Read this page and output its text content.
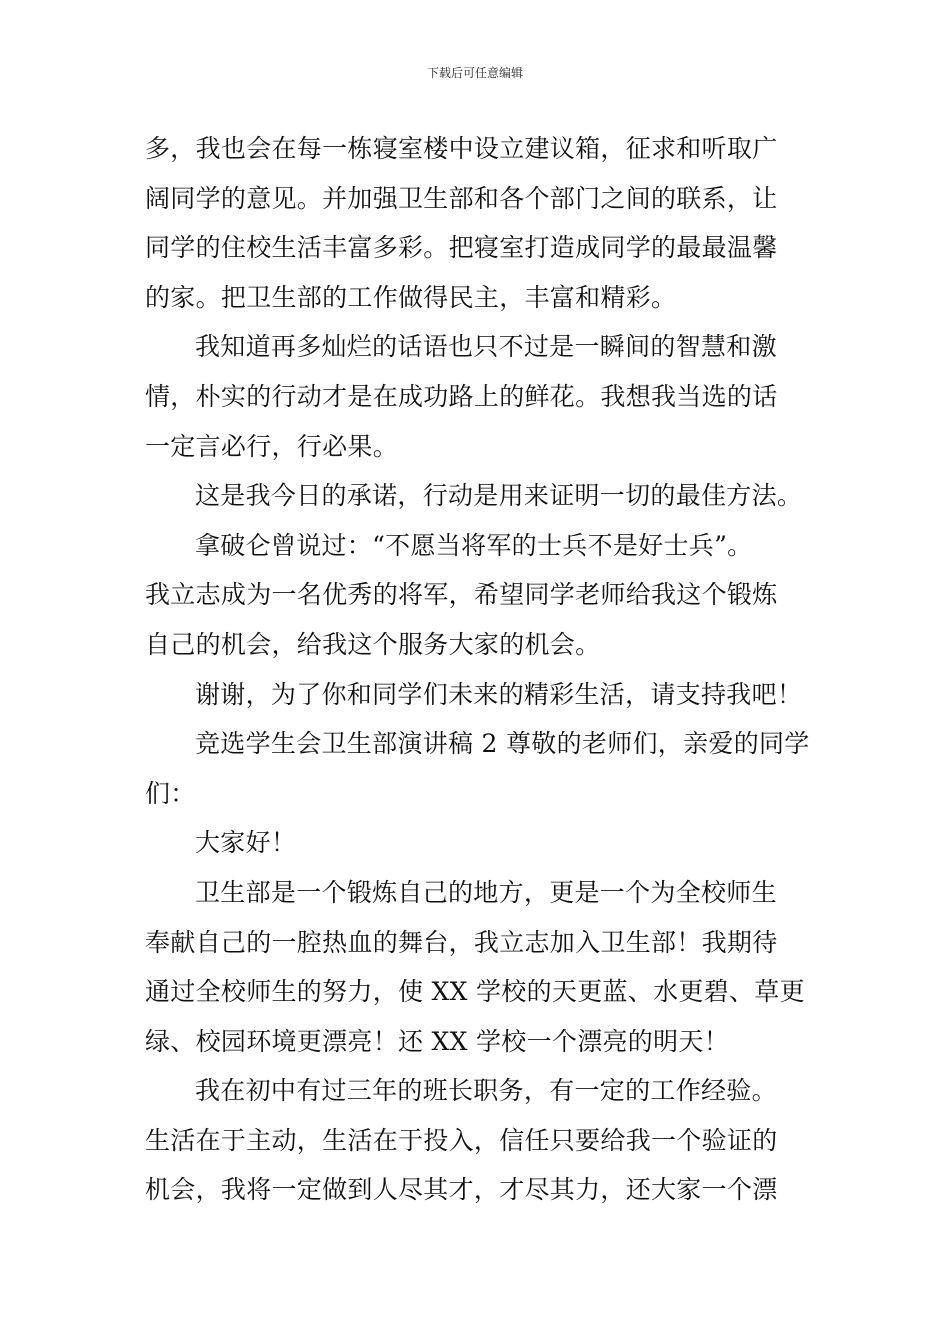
下载后可任意编辑
多，我也会在每一栋寝室楼中设立建议箱，征求和听取广
阔同学的意见。并加强卫生部和各个部门之间的联系，让
同学的住校生活丰富多彩。把寝室打造成同学的最最温馨
的家。把卫生部的工作做得民主，丰富和精彩。
我知道再多灿烂的话语也只不过是一瞬间的智慧和激
情，朴实的行动才是在成功路上的鲜花。我想我当选的话
一定言必行，行必果。
这是我今日的承诺，行动是用来证明一切的最佳方法。
拿破仑曾说过：“不愿当将军的士兵不是好士兵”。
我立志成为一名优秀的将军，希望同学老师给我这个锻炼
自己的机会，给我这个服务大家的机会。
谢谢，为了你和同学们未来的精彩生活，请支持我吧！
竞选学生会卫生部演讲稿 2 尊敬的老师们，亲爱的同学
们：
大家好！
卫生部是一个锻炼自己的地方，更是一个为全校师生
奉献自己的一腔热血的舞台，我立志加入卫生部！我期待
通过全校师生的努力，使 XX 学校的天更蓝、水更碧、草更
绿、校园环境更漂亮！还 XX 学校一个漂亮的明天！
我在初中有过三年的班长职务，有一定的工作经验。
生活在于主动，生活在于投入，信任只要给我一个验证的
机会，我将一定做到人尽其才，才尽其力，还大家一个漂
